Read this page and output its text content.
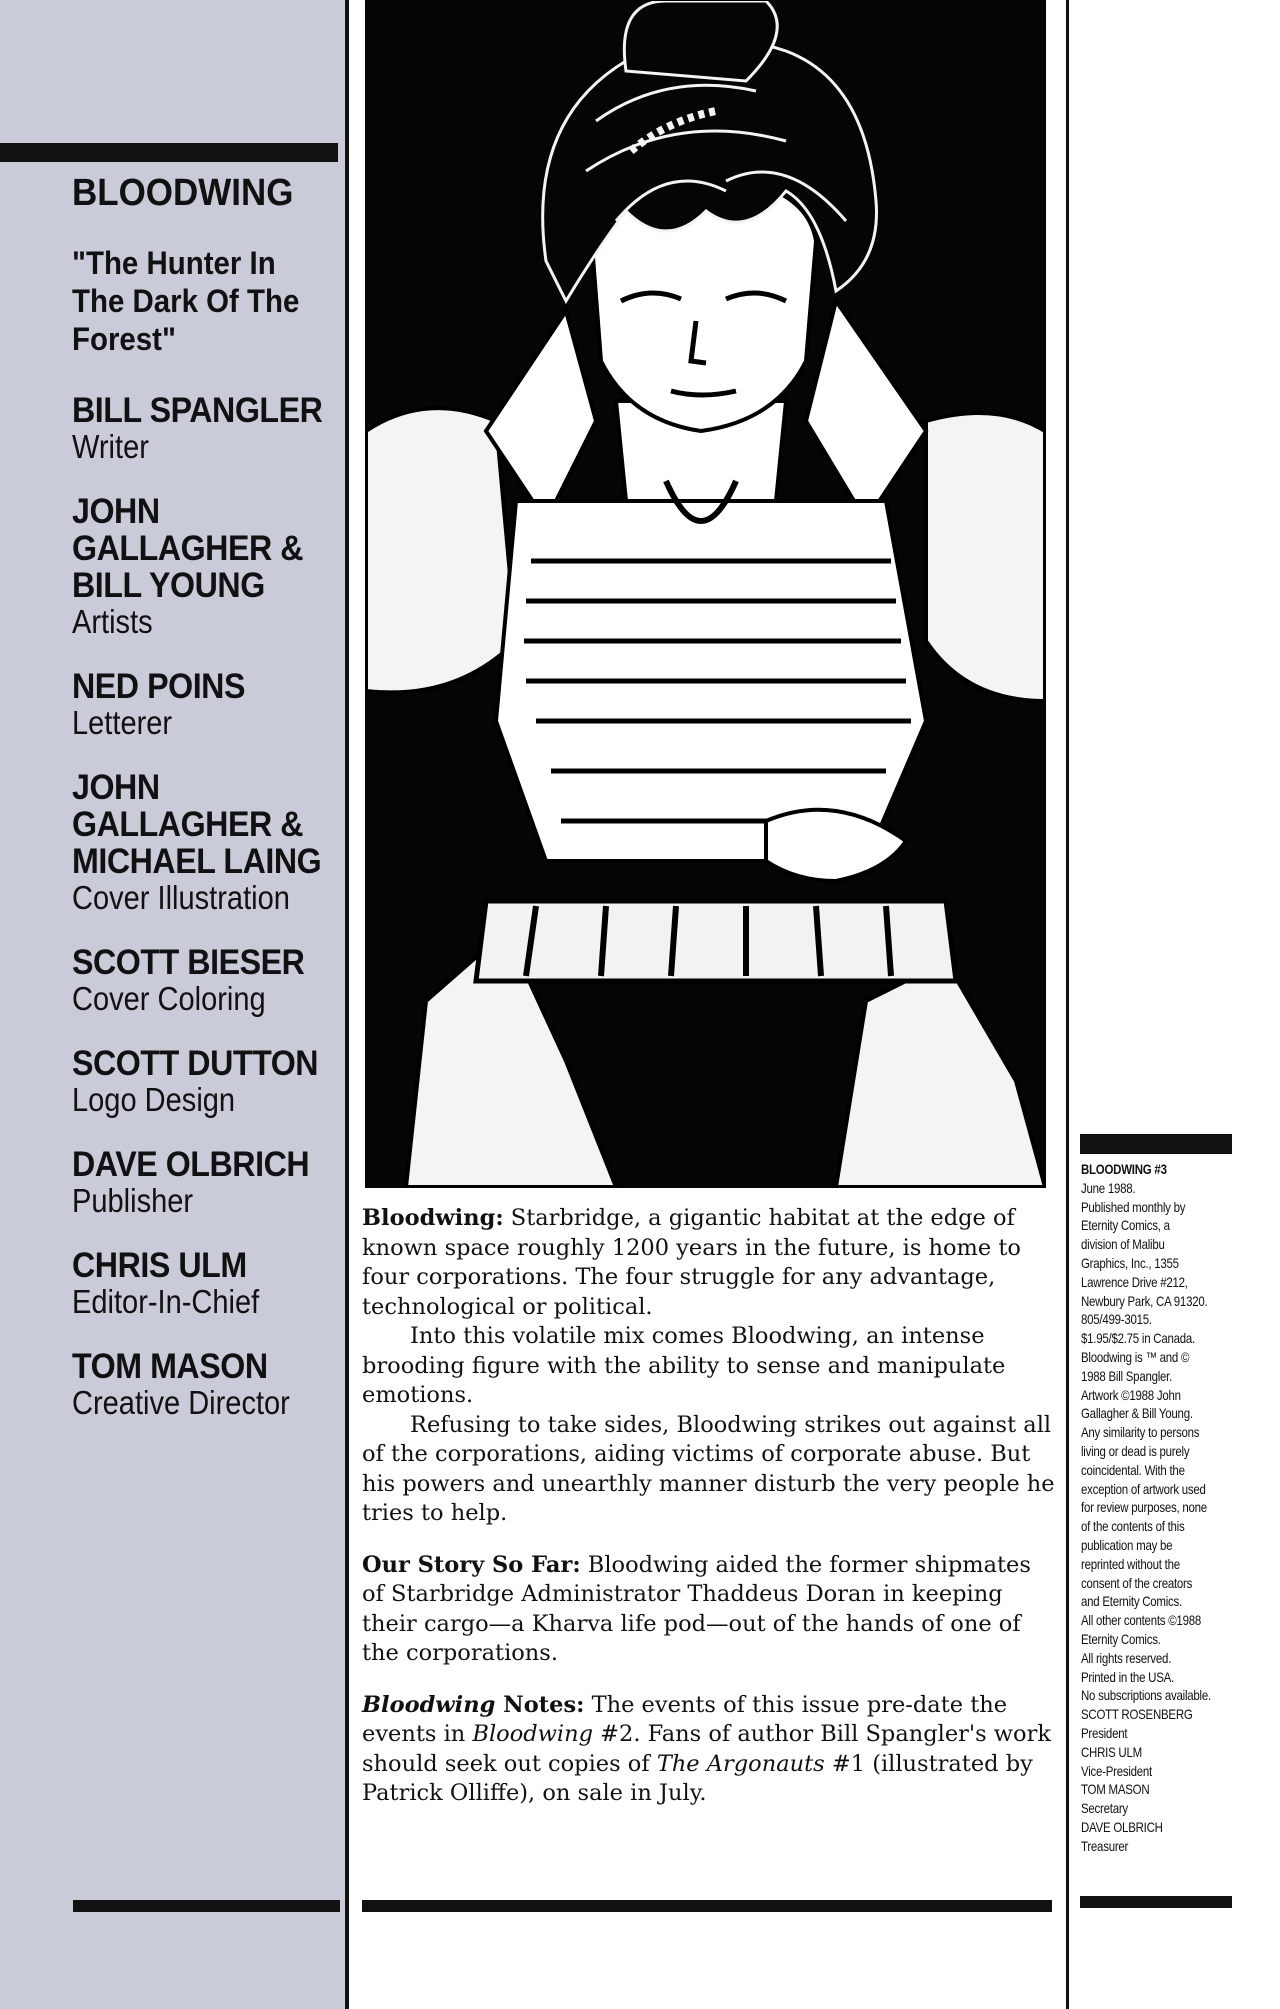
BLOODWING
"The Hunter In
The Dark Of The
Forest"
BILL SPANGLER
Writer
JOHN
GALLAGHER &
BILL YOUNG
Artists
NED POINS
Letterer
JOHN
GALLAGHER &
MICHAEL LAING
Cover Illustration
SCOTT BIESER
Cover Coloring
SCOTT DUTTON
Logo Design
DAVE OLBRICH
Publisher
CHRIS ULM
Editor-In-Chief
TOM MASON
Creative Director

Bloodwing: Starbridge, a gigantic habitat at the edge of known space roughly 1200 years in the future, is home to four corporations. The four struggle for any advantage, technological or political.

Into this volatile mix comes Bloodwing, an intense brooding figure with the ability to sense and manipulate emotions.

Refusing to take sides, Bloodwing strikes out against all of the corporations, aiding victims of corporate abuse. But his powers and unearthly manner disturb the very people he tries to help.

Our Story So Far: Bloodwing aided the former shipmates of Starbridge Administrator Thaddeus Doran in keeping their cargo—a Kharva life pod—out of the hands of one of the corporations.

Bloodwing Notes: The events of this issue pre-date the events in Bloodwing #2. Fans of author Bill Spangler's work should seek out copies of The Argonauts #1 (illustrated by Patrick Olliffe), on sale in July.

BLOODWING #3
June 1988.
Published monthly by
Eternity Comics, a
division of Malibu
Graphics, Inc., 1355
Lawrence Drive #212,
Newbury Park, CA 91320.
805/499-3015.
$1.95/$2.75 in Canada.
Bloodwing is ™ and ©
1988 Bill Spangler.
Artwork ©1988 John
Gallagher & Bill Young.
Any similarity to persons
living or dead is purely
coincidental. With the
exception of artwork used
for review purposes, none
of the contents of this
publication may be
reprinted without the
consent of the creators
and Eternity Comics.
All other contents ©1988
Eternity Comics.
All rights reserved.
Printed in the USA.
No subscriptions available.
SCOTT ROSENBERG
President
CHRIS ULM
Vice-President
TOM MASON
Secretary
DAVE OLBRICH
Treasurer
